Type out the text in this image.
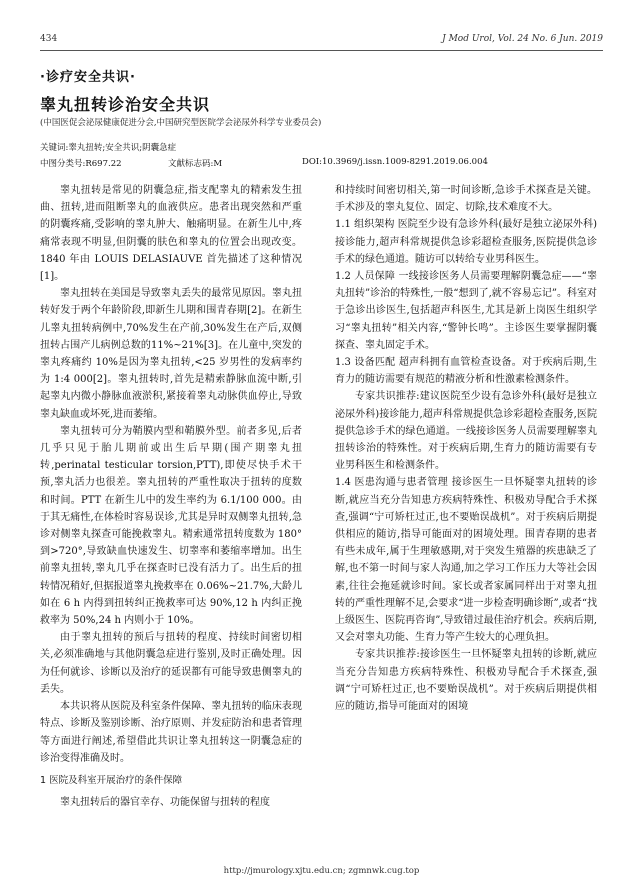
434	J Mod Urol, Vol. 24 No. 6 Jun. 2019
·诊疗安全共识·
睾丸扭转诊治安全共识
(中国医促会泌尿健康促进分会,中国研究型医院学会泌尿外科学专业委员会)
关键词:睾丸扭转;安全共识;阴囊急症
中图分类号:R697.22	文献标志码:M	DOI:10.3969/j.issn.1009-8291.2019.06.004

睾丸扭转是常见的阴囊急症,指支配睾丸的精索发生扭曲、扭转,进而阻断睾丸的血液供应。患者出现突然和严重的阴囊疼痛,受影响的睾丸肿大、触痛明显。在新生儿中,疼痛常表现不明显,但阴囊的肤色和睾丸的位置会出现改变。1840 年由 LOUIS DELASIAUVE 首先描述了这种情况[1]。

睾丸扭转在美国是导致睾丸丢失的最常见原因。睾丸扭转好发于两个年龄阶段,即新生儿期和围青春期[2]。在新生儿睾丸扭转病例中,70%发生在产前,30%发生在产后,双侧扭转占围产儿病例总数的11%~21%[3]。在儿童中,突发的睾丸疼痛约 10%是因为睾丸扭转,<25 岁男性的发病率约为 1:4 000[2]。睾丸扭转时,首先是精索静脉血流中断,引起睾丸内微小静脉血液淤积,紧接着睾丸动脉供血停止,导致睾丸缺血或坏死,进而萎缩。

睾丸扭转可分为鞘膜内型和鞘膜外型。前者多见,后者几乎只见于胎儿期前或出生后早期(围产期睾丸扭转,perinatal testicular torsion,PTT),即使尽快手术干预,睾丸活力也很差。睾丸扭转的严重性取决于扭转的度数和时间。PTT 在新生儿中的发生率约为 6.1/100 000。由于其无痛性,在体检时容易误诊,尤其是异时双侧睾丸扭转,急诊对侧睾丸探查可能挽救睾丸。精索通常扭转度数为 180°到>720°,导致缺血快速发生、切睾率和萎缩率增加。出生前睾丸扭转,睾丸几乎在探查时已没有活力了。出生后的扭转情况稍好,但据报道睾丸挽救率在 0.06%~21.7%,大龄儿如在 6 h 内得到扭转纠正挽救率可达 90%,12 h 内纠正挽救率为 50%,24 h 内则小于 10%。

由于睾丸扭转的预后与扭转的程度、持续时间密切相关,必须准确地与其他阴囊急症进行鉴别,及时正确处理。因为任何就诊、诊断以及治疗的延误都有可能导致患侧睾丸的丢失。

本共识将从医院及科室条件保障、睾丸扭转的临床表现特点、诊断及鉴别诊断、治疗原则、并发症防治和患者管理等方面进行阐述,希望借此共识让睾丸扭转这一阴囊急症的诊治变得准确及时。

1 医院及科室开展治疗的条件保障

睾丸扭转后的器官幸存、功能保留与扭转的程度

和持续时间密切相关,第一时间诊断,急诊手术探查是关键。手术涉及的睾丸复位、固定、切除,技术难度不大。

1.1 组织架构 医院至少设有急诊外科(最好是独立泌尿外科)接诊能力,超声科常规提供急诊彩超检查服务,医院提供急诊手术的绿色通道。随访可以转给专业男科医生。

1.2 人员保障 一线接诊医务人员需要理解阴囊急症——“睾丸扭转”诊治的特殊性,一般“想到了,就不容易忘记”。科室对于急诊出诊医生,包括超声科医生,尤其是新上岗医生组织学习“睾丸扭转”相关内容,“警钟长鸣”。主诊医生要掌握阴囊探查、睾丸固定手术。

1.3 设备匹配 超声科拥有血管检查设备。对于疾病后期,生育力的随访需要有规范的精液分析和性激素检测条件。

专家共识推荐:建议医院至少设有急诊外科(最好是独立泌尿外科)接诊能力,超声科常规提供急诊彩超检查服务,医院提供急诊手术的绿色通道。一线接诊医务人员需要理解睾丸扭转诊治的特殊性。对于疾病后期,生育力的随访需要有专业男科医生和检测条件。

1.4 医患沟通与患者管理 接诊医生一旦怀疑睾丸扭转的诊断,就应当充分告知患方疾病特殊性、积极劝导配合手术探查,强调“宁可矫枉过正,也不要贻误战机”。对于疾病后期提供相应的随访,指导可能面对的困境处理。围青春期的患者有些未成年,属于生理敏感期,对于突发生殖器的疾患缺乏了解,也不第一时间与家人沟通,加之学习工作压力大等社会因素,往往会拖延就诊时间。家长或者家属同样出于对睾丸扭转的严重性理解不足,会要求“进一步检查明确诊断”,或者“找上级医生、医院再咨询”,导致错过最佳治疗机会。疾病后期,又会对睾丸功能、生育力等产生较大的心理负担。

专家共识推荐:接诊医生一旦怀疑睾丸扭转的诊断,就应当充分告知患方疾病特殊性、积极劝导配合手术探查,强调“宁可矫枉过正,也不要贻误战机”。对于疾病后期提供相应的随访,指导可能面对的困境

http://jmurology.xjtu.edu.cn; zgmnwk.cug.top
